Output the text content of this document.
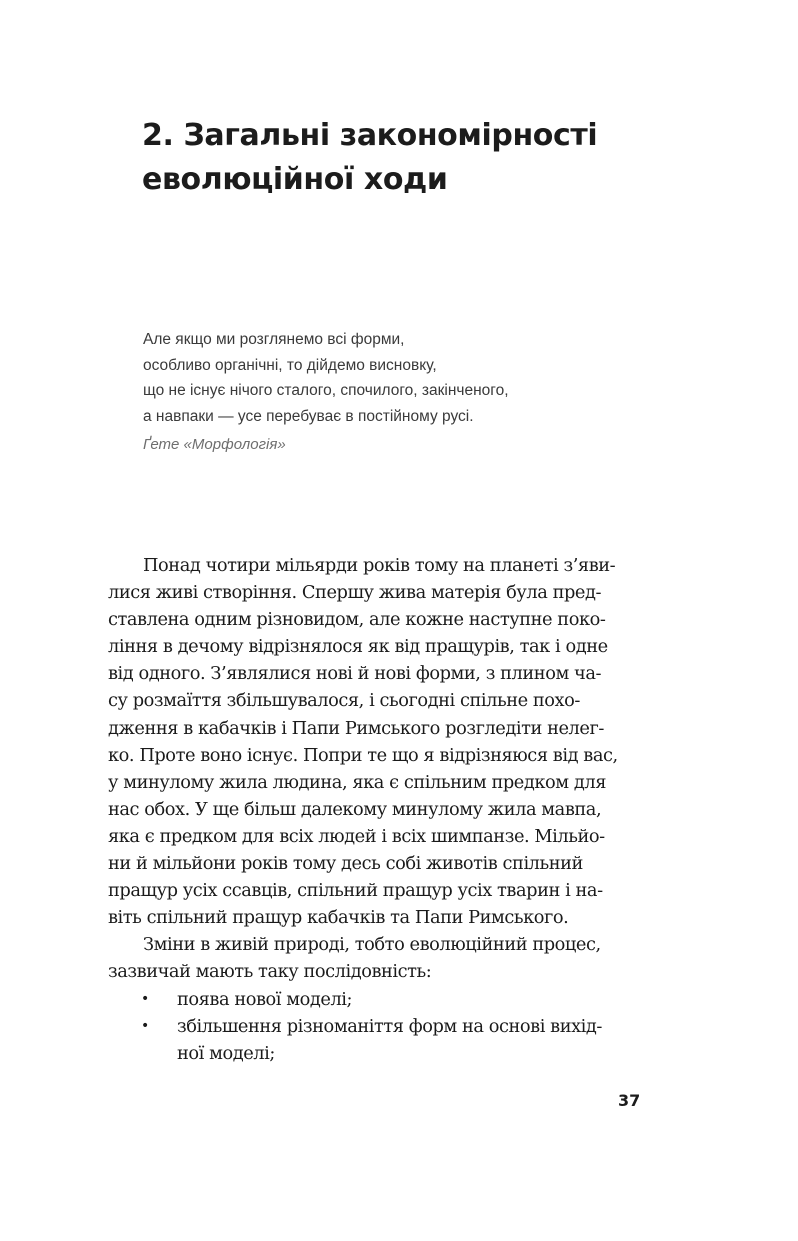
2. Загальні закономірності
еволюційної ходи
Але якщо ми розглянемо всі форми,
особливо органічні, то дійдемо висновку,
що не існує нічого сталого, спочилого, закінченого,
а навпаки — усе перебуває в постійному русі.
Ґете «Морфологія»
Понад чотири мільярди років тому на планеті з’яви-
лися живі створіння. Спершу жива матерія була пред-
ставлена одним різновидом, але кожне наступне поко-
ління в дечому відрізнялося як від пращурів, так і одне
від одного. З’являлися нові й нові форми, з плином ча-
су розмаїття збільшувалося, і сьогодні спільне похо-
дження в кабачків і Папи Римського розгледіти нелег-
ко. Проте воно існує. Попри те що я відрізняюся від вас,
у минулому жила людина, яка є спільним предком для
нас обох. У ще більш далекому минулому жила мавпа,
яка є предком для всіх людей і всіх шимпанзе. Мільйо-
ни й мільйони років тому десь собі животів спільний
пращур усіх ссавців, спільний пращур усіх тварин і на-
віть спільний пращур кабачків та Папи Римського.
Зміни в живій природі, тобто еволюційний процес,
зазвичай мають таку послідовність:
•	поява нової моделі;
•	збільшення різноманіття форм на основі вихід-
ної моделі;
37
